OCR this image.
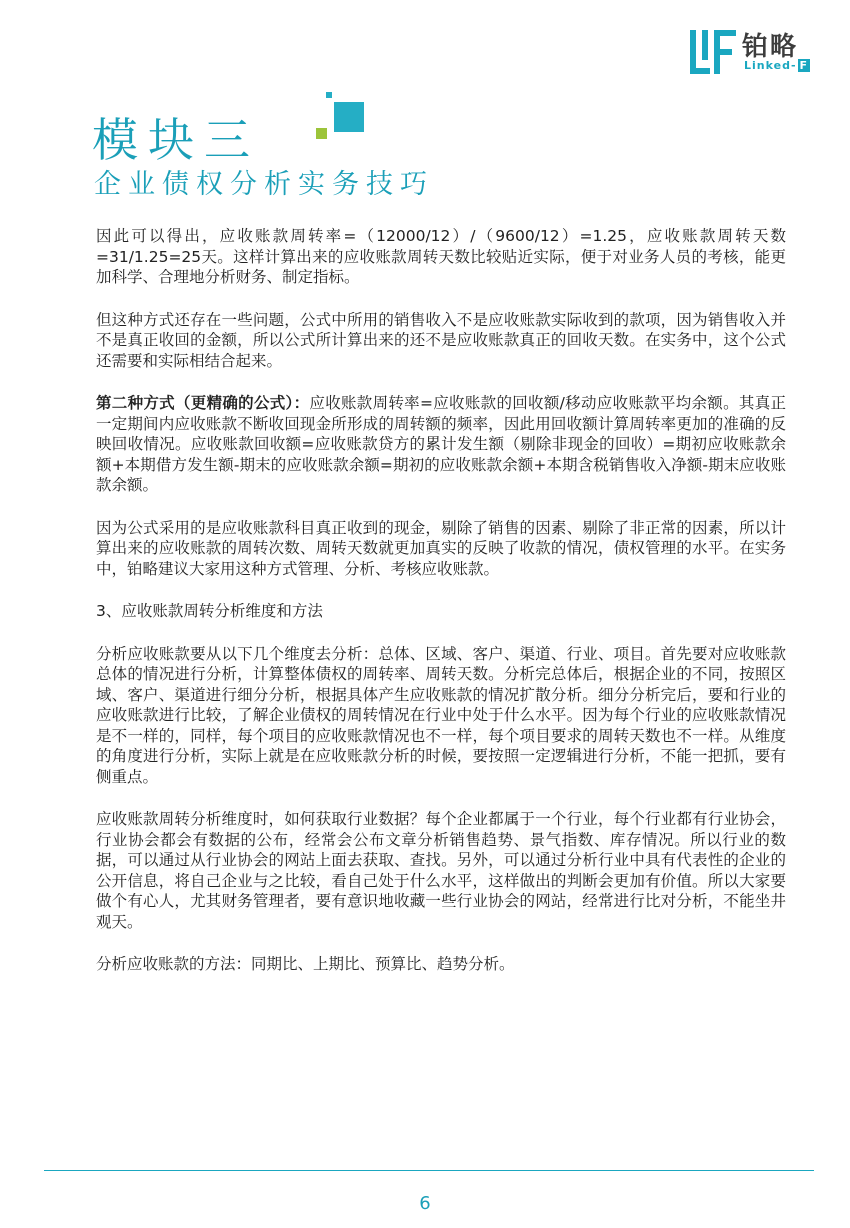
铂略
Linked- F
模块三
企业债权分析实务技巧

因此可以得出，应收账款周转率=（12000/12）/（9600/12）=1.25，应收账款周转天数=31/1.25=25天。这样计算出来的应收账款周转天数比较贴近实际，便于对业务人员的考核，能更加科学、合理地分析财务、制定指标。

但这种方式还存在一些问题，公式中所用的销售收入不是应收账款实际收到的款项，因为销售收入并不是真正收回的金额，所以公式所计算出来的还不是应收账款真正的回收天数。在实务中，这个公式还需要和实际相结合起来。

第二种方式（更精确的公式）：应收账款周转率=应收账款的回收额/移动应收账款平均余额。其真正一定期间内应收账款不断收回现金所形成的周转额的频率，因此用回收额计算周转率更加的准确的反映回收情况。应收账款回收额=应收账款贷方的累计发生额（剔除非现金的回收）=期初应收账款余额+本期借方发生额-期末的应收账款余额=期初的应收账款余额+本期含税销售收入净额-期末应收账款余额。

因为公式采用的是应收账款科目真正收到的现金，剔除了销售的因素、剔除了非正常的因素，所以计算出来的应收账款的周转次数、周转天数就更加真实的反映了收款的情况，债权管理的水平。在实务中，铂略建议大家用这种方式管理、分析、考核应收账款。

3、应收账款周转分析维度和方法

分析应收账款要从以下几个维度去分析：总体、区域、客户、渠道、行业、项目。首先要对应收账款总体的情况进行分析，计算整体债权的周转率、周转天数。分析完总体后，根据企业的不同，按照区域、客户、渠道进行细分分析，根据具体产生应收账款的情况扩散分析。细分分析完后，要和行业的应收账款进行比较，了解企业债权的周转情况在行业中处于什么水平。因为每个行业的应收账款情况是不一样的，同样，每个项目的应收账款情况也不一样，每个项目要求的周转天数也不一样。从维度的角度进行分析，实际上就是在应收账款分析的时候，要按照一定逻辑进行分析，不能一把抓，要有侧重点。

应收账款周转分析维度时，如何获取行业数据？每个企业都属于一个行业，每个行业都有行业协会，行业协会都会有数据的公布，经常会公布文章分析销售趋势、景气指数、库存情况。所以行业的数据，可以通过从行业协会的网站上面去获取、查找。另外，可以通过分析行业中具有代表性的企业的公开信息，将自己企业与之比较，看自己处于什么水平，这样做出的判断会更加有价值。所以大家要做个有心人，尤其财务管理者，要有意识地收藏一些行业协会的网站，经常进行比对分析，不能坐井观天。

分析应收账款的方法：同期比、上期比、预算比、趋势分析。

6
